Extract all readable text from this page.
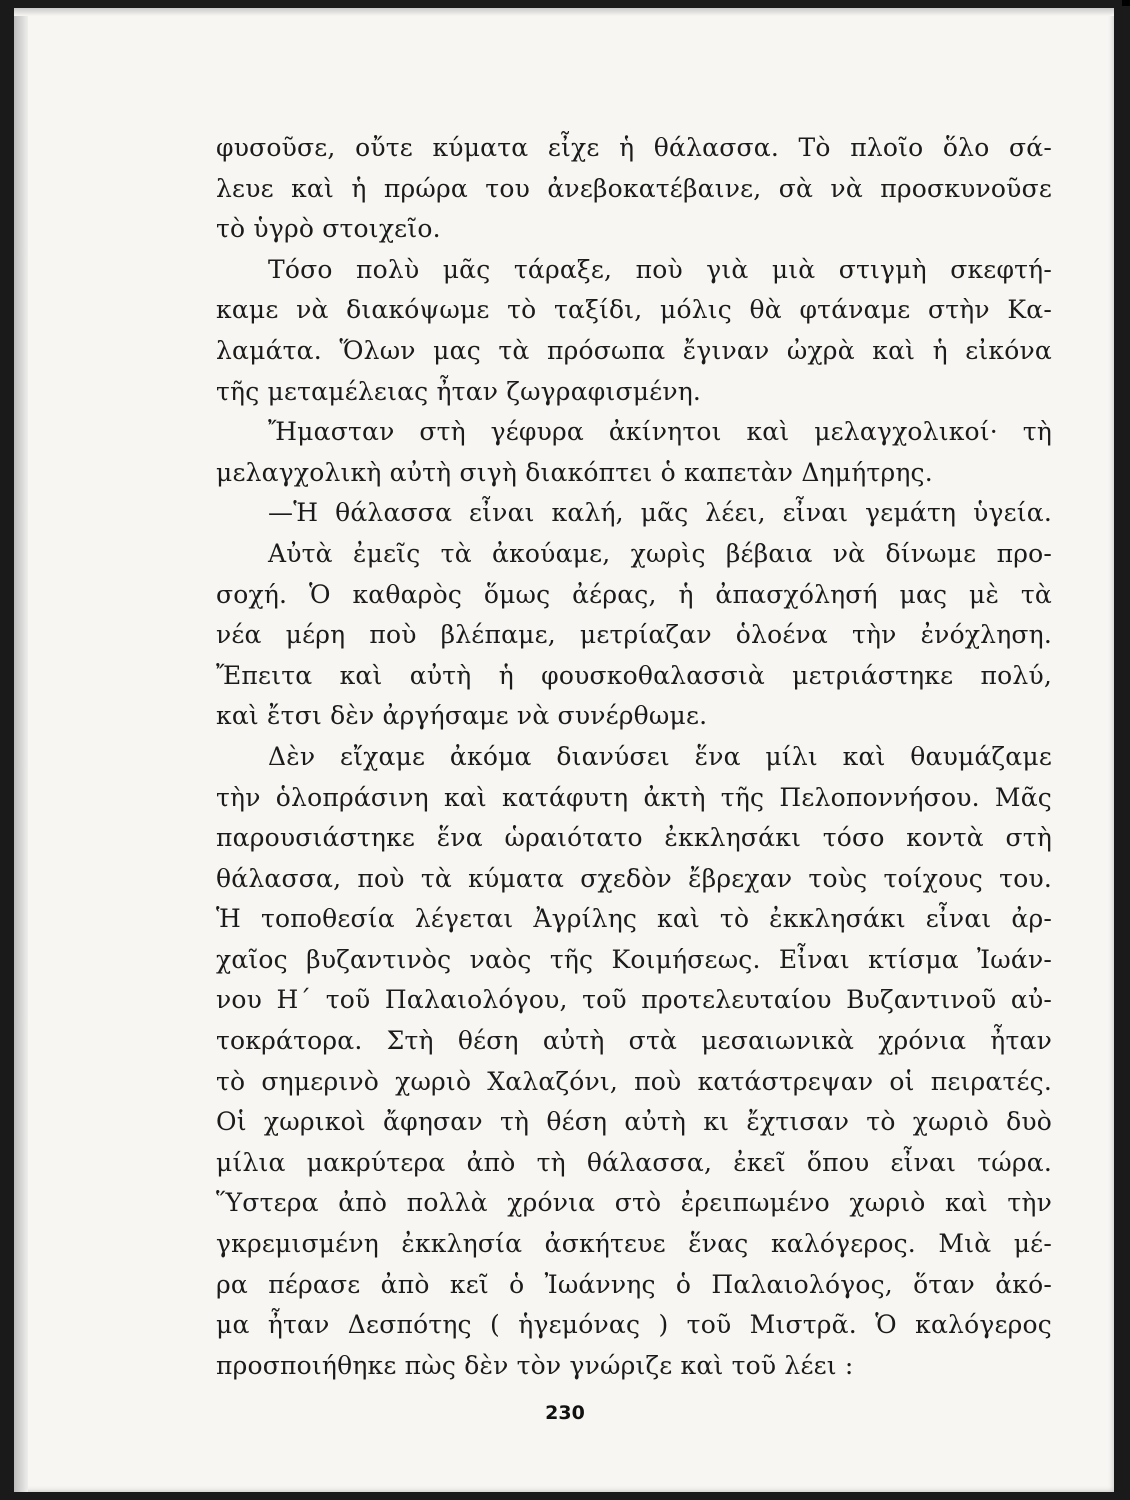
φυσοῦσε, οὔτε κύματα εἶχε ἡ θάλασσα. Τὸ πλοῖο ὅλο σά-
λευε καὶ ἡ πρώρα του ἀνεβοκατέβαινε, σὰ νὰ προσκυνοῦσε
τὸ ὑγρὸ στοιχεῖο.
Τόσο πολὺ μᾶς τάραξε, ποὺ γιὰ μιὰ στιγμὴ σκεφτή-
καμε νὰ διακόψωμε τὸ ταξίδι, μόλις θὰ φτάναμε στὴν Κα-
λαμάτα. Ὅλων μας τὰ πρόσωπα ἔγιναν ὠχρὰ καὶ ἡ εἰκόνα
τῆς μεταμέλειας ἦταν ζωγραφισμένη.
Ἤμασταν στὴ γέφυρα ἀκίνητοι καὶ μελαγχολικοί· τὴ
μελαγχολικὴ αὐτὴ σιγὴ διακόπτει ὁ καπετὰν Δημήτρης.
—Ἡ θάλασσα εἶναι καλή, μᾶς λέει, εἶναι γεμάτη ὑγεία.
Αὐτὰ ἐμεῖς τὰ ἀκούαμε, χωρὶς βέβαια νὰ δίνωμε προ-
σοχή. Ὁ καθαρὸς ὅμως ἀέρας, ἡ ἀπασχόλησή μας μὲ τὰ
νέα μέρη ποὺ βλέπαμε, μετρίαζαν ὁλοένα τὴν ἐνόχληση.
Ἔπειτα καὶ αὐτὴ ἡ φουσκοθαλασσιὰ μετριάστηκε πολύ,
καὶ ἔτσι δὲν ἀργήσαμε νὰ συνέρθωμε.
Δὲν εἴχαμε ἀκόμα διανύσει ἕνα μίλι καὶ θαυμάζαμε
τὴν ὁλοπράσινη καὶ κατάφυτη ἀκτὴ τῆς Πελοποννήσου. Μᾶς
παρουσιάστηκε ἕνα ὡραιότατο ἐκκλησάκι τόσο κοντὰ στὴ
θάλασσα, ποὺ τὰ κύματα σχεδὸν ἔβρεχαν τοὺς τοίχους του.
Ἡ τοποθεσία λέγεται Ἀγρίλης καὶ τὸ ἐκκλησάκι εἶναι ἀρ-
χαῖος βυζαντινὸς ναὸς τῆς Κοιμήσεως. Εἶναι κτίσμα Ἰωάν-
νου Η΄ τοῦ Παλαιολόγου, τοῦ προτελευταίου Βυζαντινοῦ αὐ-
τοκράτορα. Στὴ θέση αὐτὴ στὰ μεσαιωνικὰ χρόνια ἦταν
τὸ σημερινὸ χωριὸ Χαλαζόνι, ποὺ κατάστρεψαν οἱ πειρατές.
Οἱ χωρικοὶ ἄφησαν τὴ θέση αὐτὴ κι ἔχτισαν τὸ χωριὸ δυὸ
μίλια μακρύτερα ἀπὸ τὴ θάλασσα, ἐκεῖ ὅπου εἶναι τώρα.
Ὕστερα ἀπὸ πολλὰ χρόνια στὸ ἐρειπωμένο χωριὸ καὶ τὴν
γκρεμισμένη ἐκκλησία ἀσκήτευε ἕνας καλόγερος. Μιὰ μέ-
ρα πέρασε ἀπὸ κεῖ ὁ Ἰωάννης ὁ Παλαιολόγος, ὅταν ἀκό-
μα ἦταν Δεσπότης ( ἡγεμόνας ) τοῦ Μιστρᾶ. Ὁ καλόγερος
προσποιήθηκε πὼς δὲν τὸν γνώριζε καὶ τοῦ λέει :
230
